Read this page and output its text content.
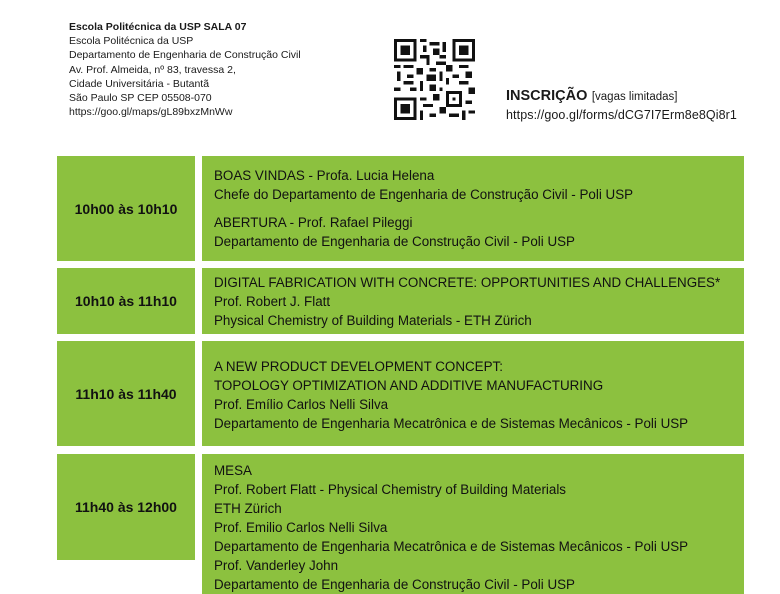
Escola Politécnica da USP SALA 07
Escola Politécnica da USP
Departamento de Engenharia de Construção Civil
Av. Prof. Almeida, nº 83, travessa 2,
Cidade Universitária - Butantã
São Paulo SP CEP 05508-070
https://goo.gl/maps/gL89bxzMnWw
INSCRIÇÃO [vagas limitadas]
https://goo.gl/forms/dCG7I7Erm8e8Qi8r1
10h00 às 10h10
BOAS VINDAS - Profa. Lucia Helena
Chefe do Departamento de Engenharia de Construção Civil - Poli USP
ABERTURA - Prof. Rafael Pileggi
Departamento de Engenharia de Construção Civil - Poli USP
10h10 às 11h10
DIGITAL FABRICATION WITH CONCRETE: OPPORTUNITIES AND CHALLENGES*
Prof. Robert J. Flatt
Physical Chemistry of Building Materials - ETH Zürich
11h10 às 11h40
A NEW PRODUCT DEVELOPMENT CONCEPT:
TOPOLOGY OPTIMIZATION AND ADDITIVE MANUFACTURING
Prof. Emílio Carlos Nelli Silva
Departamento de Engenharia Mecatrônica e de Sistemas Mecânicos - Poli USP
11h40 às 12h00
MESA
Prof. Robert Flatt - Physical Chemistry of Building Materials
ETH Zürich
Prof. Emilio Carlos Nelli Silva
Departamento de Engenharia Mecatrônica e de Sistemas Mecânicos - Poli USP
Prof. Vanderley John
Departamento de Engenharia de Construção Civil - Poli USP
